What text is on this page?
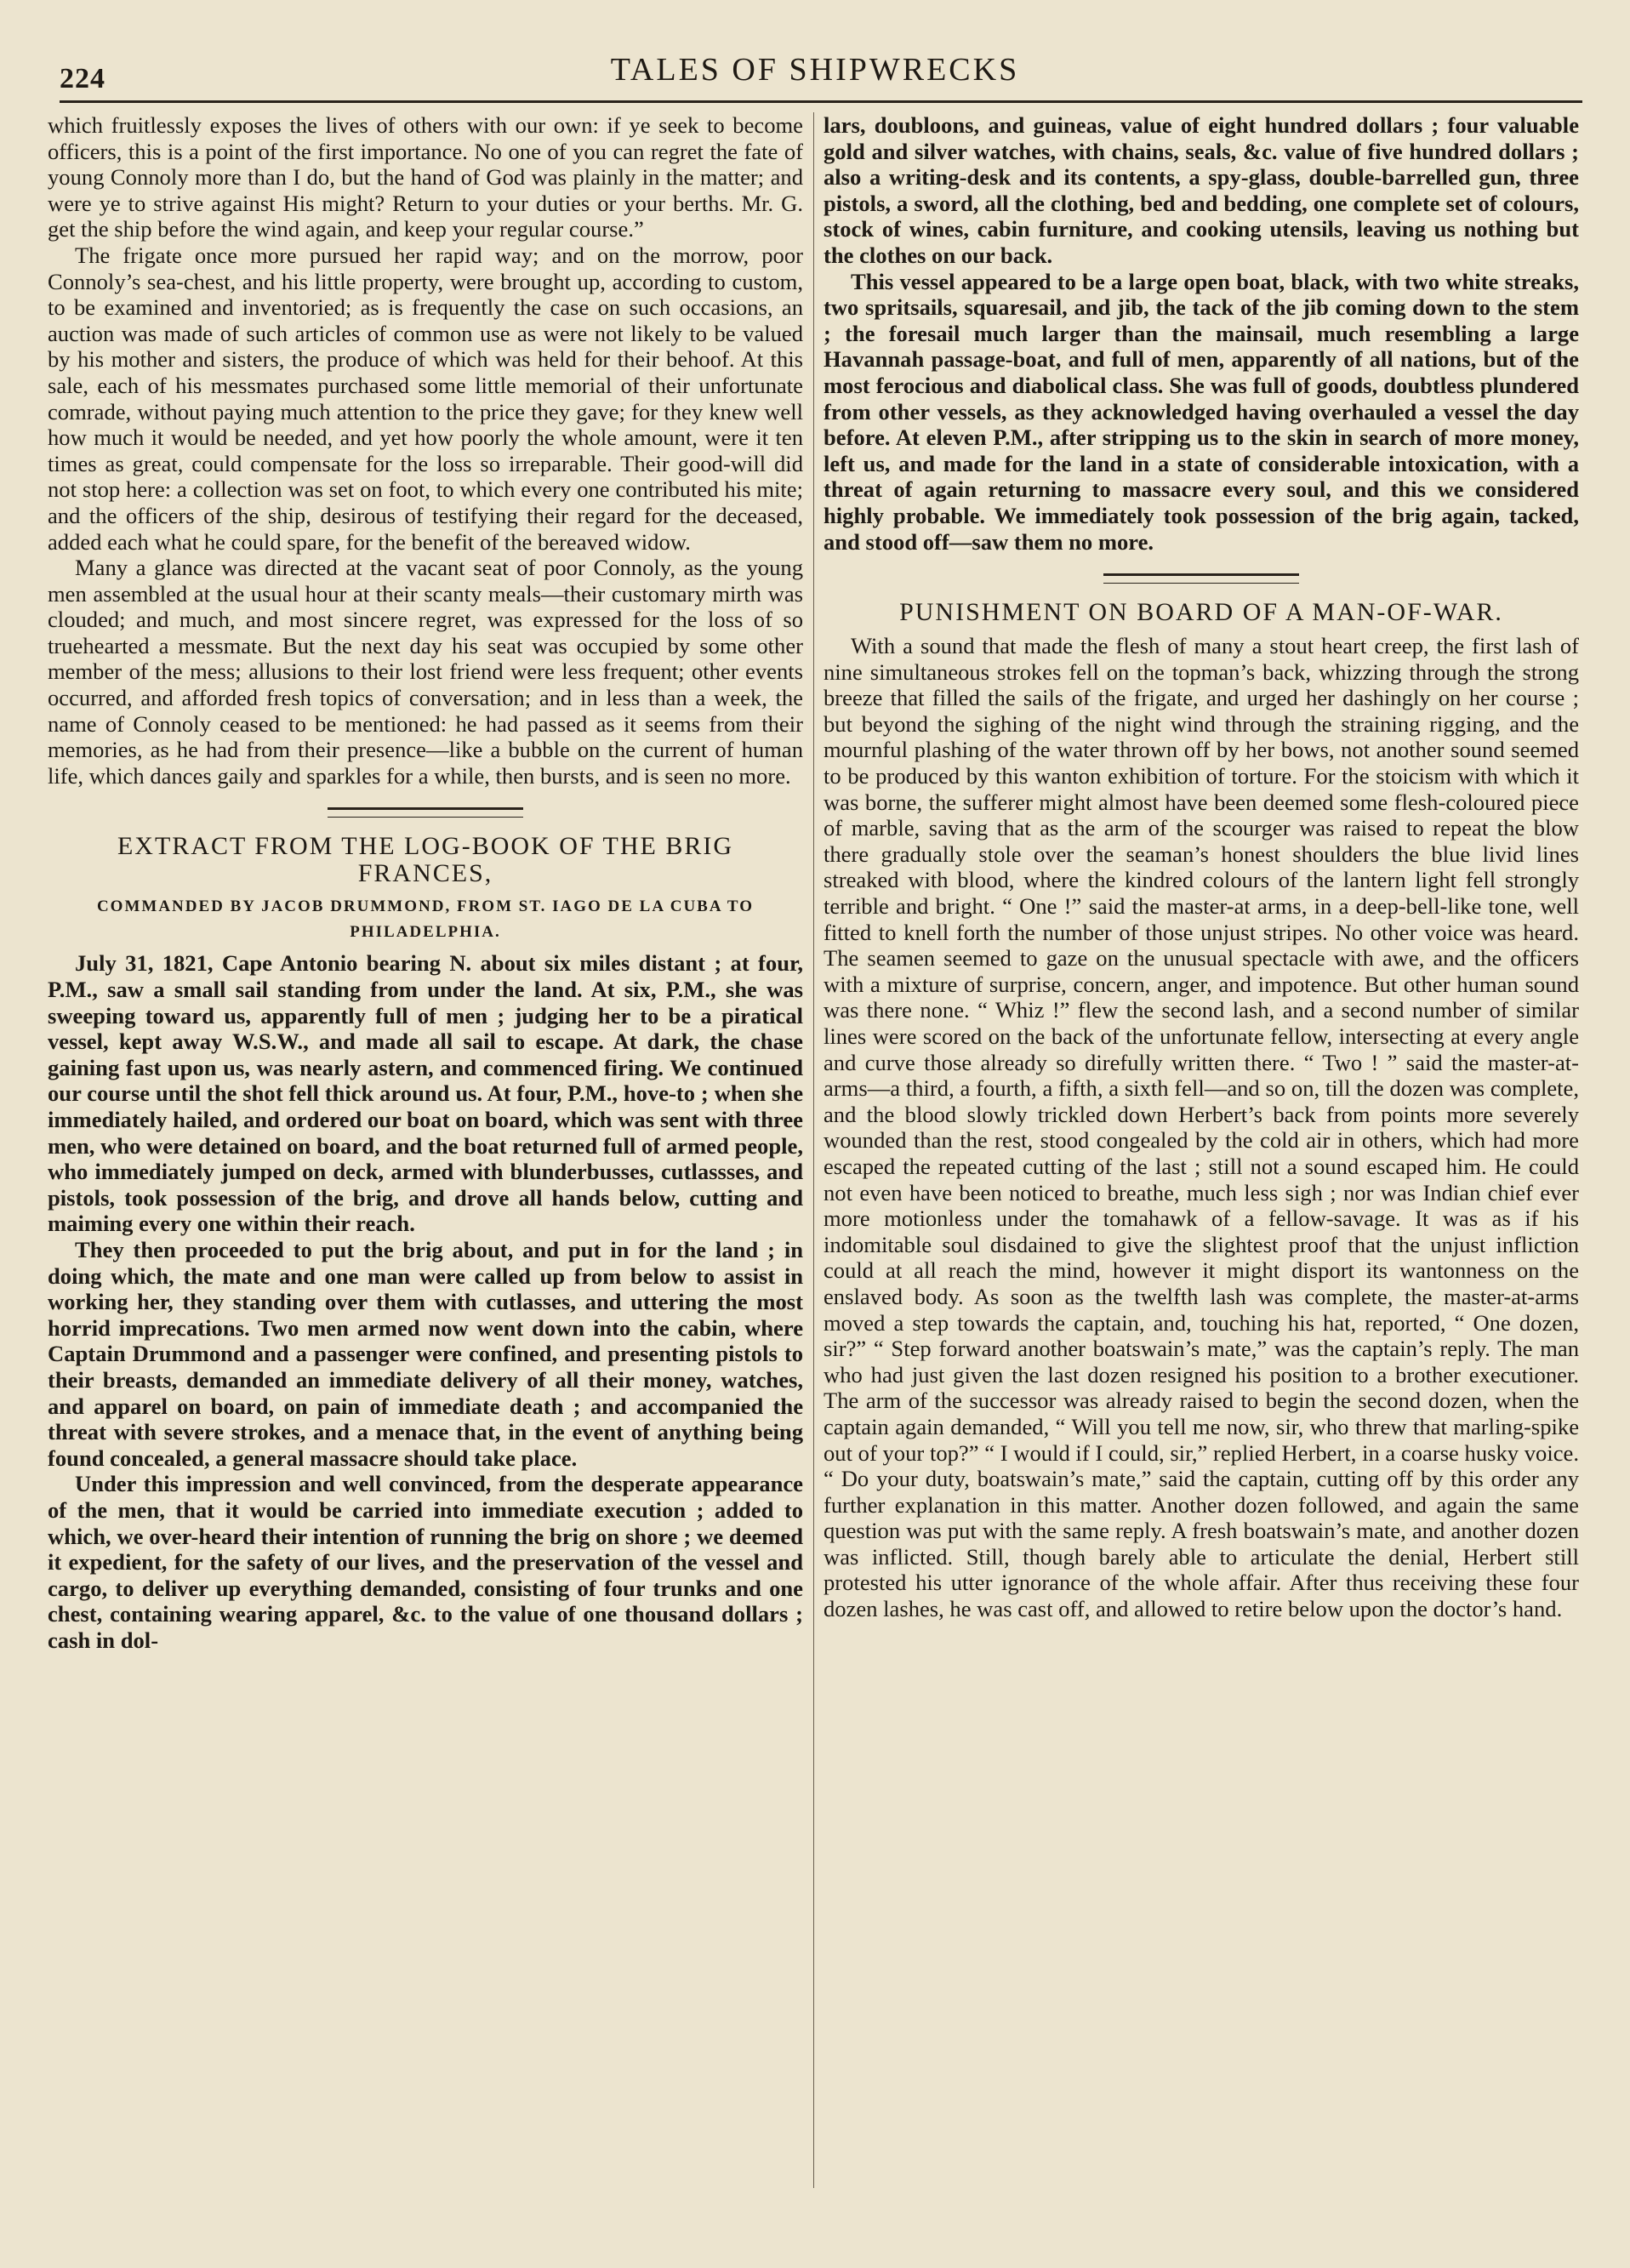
224	TALES OF SHIPWRECKS

which fruitlessly exposes the lives of others with our own: if ye seek to become officers, this is a point of the first importance. No one of you can regret the fate of young Connoly more than I do, but the hand of God was plainly in the matter; and were ye to strive against His might? Return to your duties or your berths. Mr. G. get the ship before the wind again, and keep your regular course.”

The frigate once more pursued her rapid way; and on the morrow, poor Connoly’s sea-chest, and his little property, were brought up, according to custom, to be examined and inventoried; as is frequently the case on such occasions, an auction was made of such articles of common use as were not likely to be valued by his mother and sisters, the produce of which was held for their behoof. At this sale, each of his messmates purchased some little memorial of their unfortunate comrade, without paying much attention to the price they gave; for they knew well how much it would be needed, and yet how poorly the whole amount, were it ten times as great, could compensate for the loss so irreparable. Their good-will did not stop here: a collection was set on foot, to which every one contributed his mite; and the officers of the ship, desirous of testifying their regard for the deceased, added each what he could spare, for the benefit of the bereaved widow.

Many a glance was directed at the vacant seat of poor Connoly, as the young men assembled at the usual hour at their scanty meals—their customary mirth was clouded; and much, and most sincere regret, was expressed for the loss of so truehearted a messmate. But the next day his seat was occupied by some other member of the mess; allusions to their lost friend were less frequent; other events occurred, and afforded fresh topics of conversation; and in less than a week, the name of Connoly ceased to be mentioned: he had passed as it seems from their memories, as he had from their presence—like a bubble on the current of human life, which dances gaily and sparkles for a while, then bursts, and is seen no more.

EXTRACT FROM THE LOG-BOOK OF THE BRIG FRANCES,
COMMANDED BY JACOB DRUMMOND, FROM ST. IAGO DE LA CUBA TO PHILADELPHIA.

July 31, 1821, Cape Antonio bearing N. about six miles distant ; at four, P.M., saw a small sail standing from under the land. At six, P.M., she was sweeping toward us, apparently full of men ; judging her to be a piratical vessel, kept away W.S.W., and made all sail to escape. At dark, the chase gaining fast upon us, was nearly astern, and commenced firing. We continued our course until the shot fell thick around us. At four, P.M., hove-to ; when she immediately hailed, and ordered our boat on board, which was sent with three men, who were detained on board, and the boat returned full of armed people, who immediately jumped on deck, armed with blunderbusses, cutlassses, and pistols, took possession of the brig, and drove all hands below, cutting and maiming every one within their reach.

They then proceeded to put the brig about, and put in for the land ; in doing which, the mate and one man were called up from below to assist in working her, they standing over them with cutlasses, and uttering the most horrid imprecations. Two men armed now went down into the cabin, where Captain Drummond and a passenger were confined, and presenting pistols to their breasts, demanded an immediate delivery of all their money, watches, and apparel on board, on pain of immediate death ; and accompanied the threat with severe strokes, and a menace that, in the event of anything being found concealed, a general massacre should take place.

Under this impression and well convinced, from the desperate appearance of the men, that it would be carried into immediate execution ; added to which, we over-heard their intention of running the brig on shore ; we deemed it expedient, for the safety of our lives, and the preservation of the vessel and cargo, to deliver up everything demanded, consisting of four trunks and one chest, containing wearing apparel, &c. to the value of one thousand dollars ; cash in dol-

lars, doubloons, and guineas, value of eight hundred dollars ; four valuable gold and silver watches, with chains, seals, &c. value of five hundred dollars ; also a writing-desk and its contents, a spy-glass, double-barrelled gun, three pistols, a sword, all the clothing, bed and bedding, one complete set of colours, stock of wines, cabin furniture, and cooking utensils, leaving us nothing but the clothes on our back.

This vessel appeared to be a large open boat, black, with two white streaks, two spritsails, squaresail, and jib, the tack of the jib coming down to the stem ; the foresail much larger than the mainsail, much resembling a large Havannah passage-boat, and full of men, apparently of all nations, but of the most ferocious and diabolical class. She was full of goods, doubtless plundered from other vessels, as they acknowledged having overhauled a vessel the day before. At eleven P.M., after stripping us to the skin in search of more money, left us, and made for the land in a state of considerable intoxication, with a threat of again returning to massacre every soul, and this we considered highly probable. We immediately took possession of the brig again, tacked, and stood off—saw them no more.

PUNISHMENT ON BOARD OF A MAN-OF-WAR.

With a sound that made the flesh of many a stout heart creep, the first lash of nine simultaneous strokes fell on the topman’s back, whizzing through the strong breeze that filled the sails of the frigate, and urged her dashingly on her course ; but beyond the sighing of the night wind through the straining rigging, and the mournful plashing of the water thrown off by her bows, not another sound seemed to be produced by this wanton exhibition of torture. For the stoicism with which it was borne, the sufferer might almost have been deemed some flesh-coloured piece of marble, saving that as the arm of the scourger was raised to repeat the blow there gradually stole over the seaman’s honest shoulders the blue livid lines streaked with blood, where the kindred colours of the lantern light fell strongly terrible and bright. “ One !” said the master-at arms, in a deep-bell-like tone, well fitted to knell forth the number of those unjust stripes. No other voice was heard. The seamen seemed to gaze on the unusual spectacle with awe, and the officers with a mixture of surprise, concern, anger, and impotence. But other human sound was there none. “ Whiz !” flew the second lash, and a second number of similar lines were scored on the back of the unfortunate fellow, intersecting at every angle and curve those already so direfully written there. “ Two ! ” said the master-at-arms—a third, a fourth, a fifth, a sixth fell—and so on, till the dozen was complete, and the blood slowly trickled down Herbert’s back from points more severely wounded than the rest, stood congealed by the cold air in others, which had more escaped the repeated cutting of the last ; still not a sound escaped him. He could not even have been noticed to breathe, much less sigh ; nor was Indian chief ever more motionless under the tomahawk of a fellow-savage. It was as if his indomitable soul disdained to give the slightest proof that the unjust infliction could at all reach the mind, however it might disport its wantonness on the enslaved body. As soon as the twelfth lash was complete, the master-at-arms moved a step towards the captain, and, touching his hat, reported, “ One dozen, sir?” “ Step forward another boatswain’s mate,” was the captain’s reply. The man who had just given the last dozen resigned his position to a brother executioner. The arm of the successor was already raised to begin the second dozen, when the captain again demanded, “ Will you tell me now, sir, who threw that marling-spike out of your top?” “ I would if I could, sir,” replied Herbert, in a coarse husky voice. “ Do your duty, boatswain’s mate,” said the captain, cutting off by this order any further explanation in this matter. Another dozen followed, and again the same question was put with the same reply. A fresh boatswain’s mate, and another dozen was inflicted. Still, though barely able to articulate the denial, Herbert still protested his utter ignorance of the whole affair. After thus receiving these four dozen lashes, he was cast off, and allowed to retire below upon the doctor’s hand.
